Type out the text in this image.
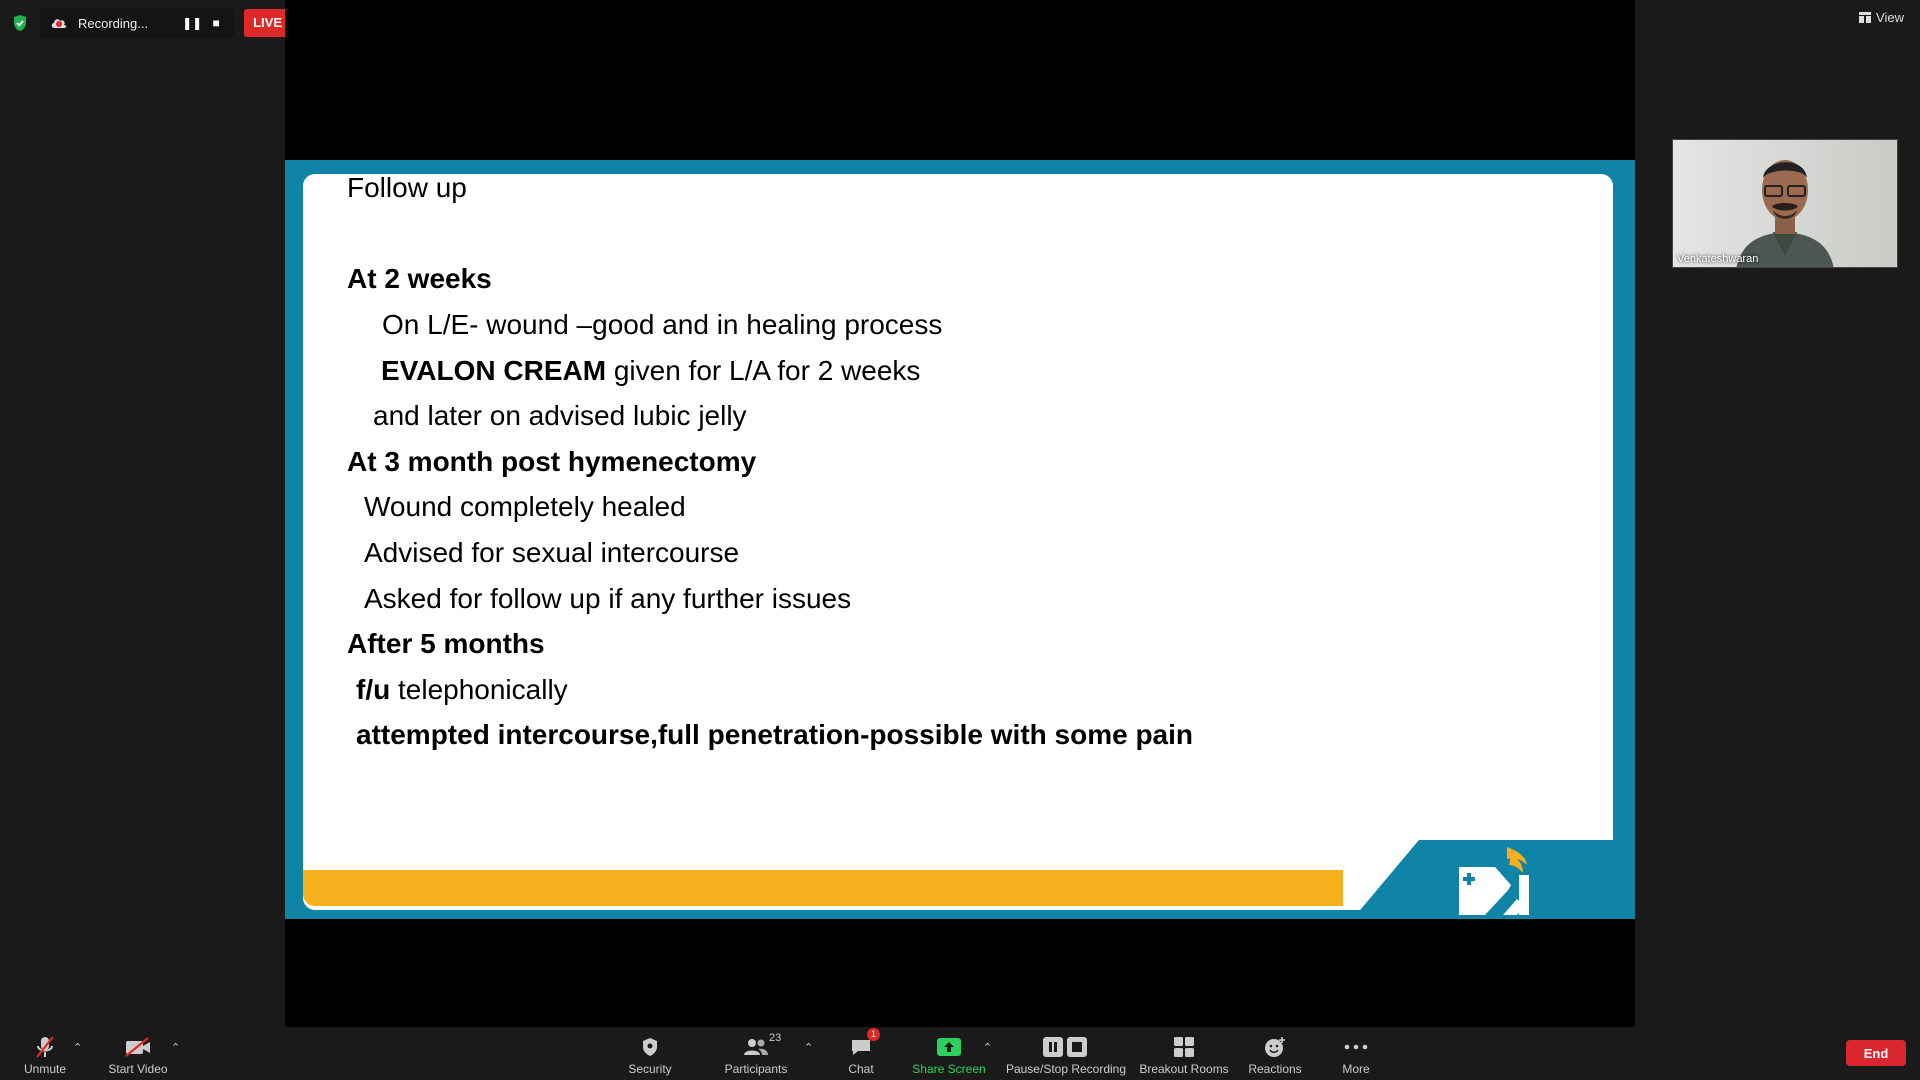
Recording...	❚❚ ■	LIVE	View
Follow up
At 2 weeks
On L/E- wound –good and in healing process
EVALON CREAM given for L/A for 2 weeks
and later on advised lubic jelly
At 3 month post hymenectomy
Wound completely healed
Advised for sexual intercourse
Asked for follow up if any further issues
After 5 months
f/u telephonically
attempted intercourse,full penetration-possible with some pain
Venkateshwaran
Unmute
⌃
Start Video
⌃
Security
23
Participants
⌃
1
Chat	Share Screen
⌃
Pause/Stop Recording Breakout Rooms Reactions	More
End
